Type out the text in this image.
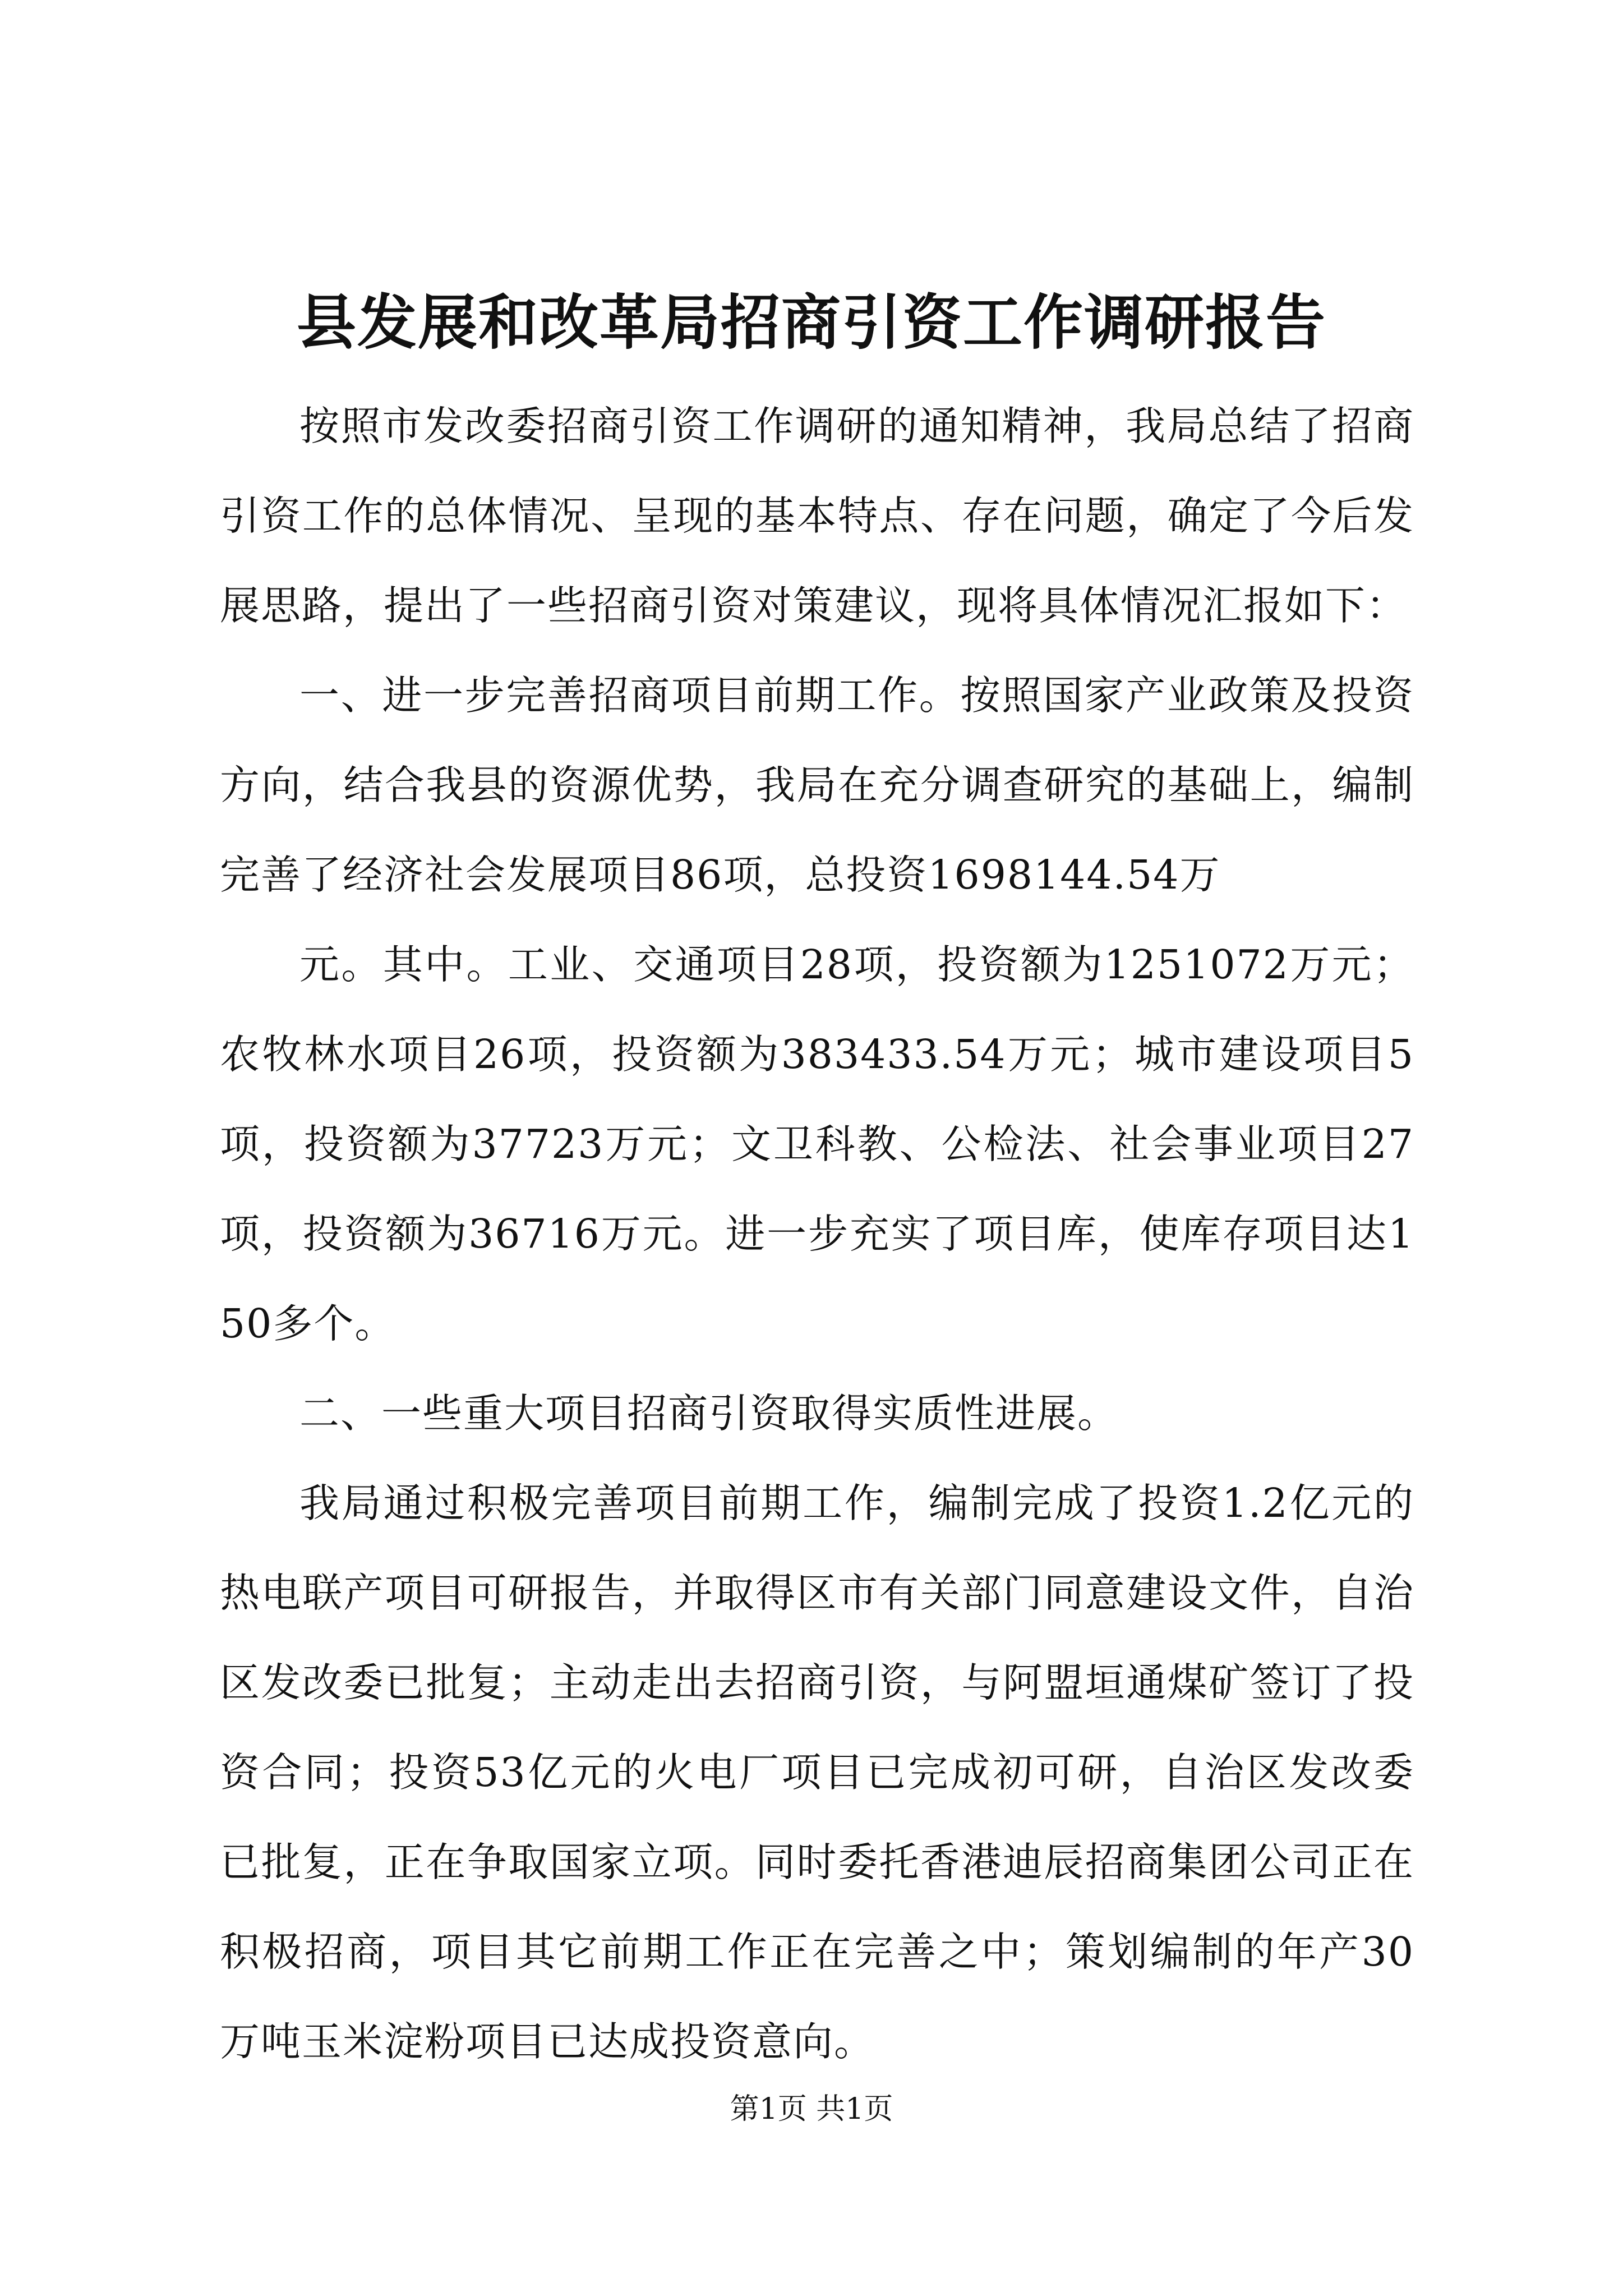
县发展和改革局招商引资工作调研报告

按照市发改委招商引资工作调研的通知精神，我局总结了招商引资工作的总体情况、呈现的基本特点、存在问题，确定了今后发展思路，提出了一些招商引资对策建议，现将具体情况汇报如下：

一、进一步完善招商项目前期工作。按照国家产业政策及投资方向，结合我县的资源优势，我局在充分调查研究的基础上，编制完善了经济社会发展项目86项，总投资1698144.54万

元。其中。工业、交通项目28项，投资额为1251072万元；农牧林水项目26项，投资额为383433.54万元；城市建设项目5项，投资额为37723万元；文卫科教、公检法、社会事业项目27项，投资额为36716万元。进一步充实了项目库，使库存项目达150多个。

二、一些重大项目招商引资取得实质性进展。

我局通过积极完善项目前期工作，编制完成了投资1.2亿元的热电联产项目可研报告，并取得区市有关部门同意建设文件，自治区发改委已批复；主动走出去招商引资，与阿盟垣通煤矿签订了投资合同；投资53亿元的火电厂项目已完成初可研，自治区发改委已批复，正在争取国家立项。同时委托香港迪辰招商集团公司正在积极招商，项目其它前期工作正在完善之中；策划编制的年产30万吨玉米淀粉项目已达成投资意向。

第1页 共1页
